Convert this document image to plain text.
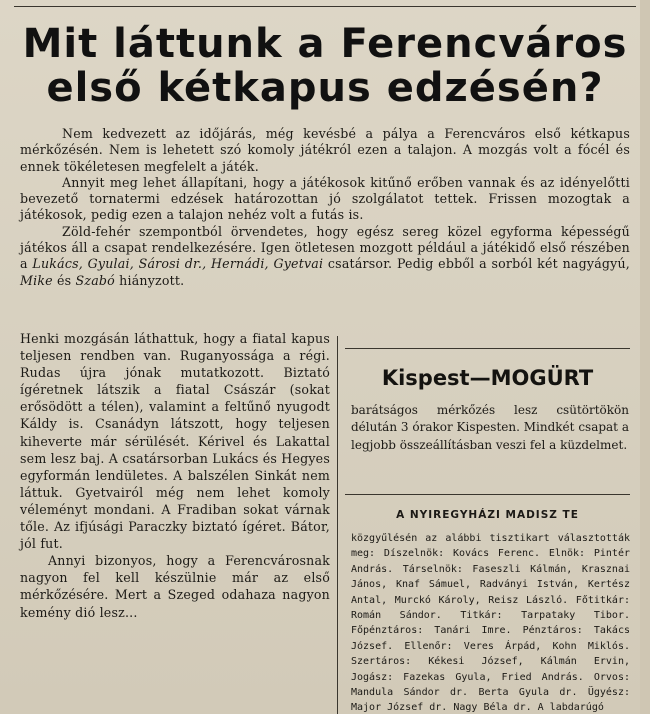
Mit láttunk a Ferencváros
első kétkapus edzésén?

Nem kedvezett az időjárás, még kevésbé a pálya a Ferencváros első kétkapus mérkőzésén. Nem is lehetett szó komoly játékról ezen a talajon. A mozgás volt a fócél és ennek tökéletesen megfelelt a játék.

Annyit meg lehet állapítani, hogy a játékosok kitűnő erőben vannak és az idényelőtti bevezető tornatermi edzések határozottan jó szolgálatot tettek. Frissen mozogtak a játékosok, pedig ezen a talajon nehéz volt a futás is.

Zöld-fehér szempontból örvendetes, hogy egész sereg közel egyforma képességű játékos áll a csapat rendelkezésére. Igen ötletesen mozgott például a játékidő első részében a Lukács, Gyulai, Sárosi dr., Hernádi, Gyetvai csatársor. Pedig ebből a sorból két nagyágyú, Mike és Szabó hiányzott.

Henki mozgásán láthattuk, hogy a fiatal kapus teljesen rendben van. Ruganyossága a régi. Rudas újra jónak mutatkozott. Biztató ígéretnek látszik a fiatal Császár (sokat erősödött a télen), valamint a feltűnő nyugodt Káldy is. Csanádyn látszott, hogy teljesen kiheverte már sérülését. Kérivel és Lakattal sem lesz baj. A csatársorban Lukács és Hegyes egyformán lendületes. A balszélen Sinkát nem láttuk. Gyetvairól még nem lehet komoly véleményt mondani. A Fradiban sokat várnak tőle. Az ifjúsági Paraczky biztató ígéret. Bátor, jól fut.

Annyi bizonyos, hogy a Ferencvárosnak nagyon fel kell készülnie már az első mérkőzésére. Mert a Szeged odahaza nagyon kemény dió lesz...

Kispest—MOGÜRT
barátságos mérkőzés lesz csütörtökön délután 3 órakor Kispesten. Mindkét csapat a legjobb összeállításban veszi fel a küzdelmet.
A NYIREGYHÁZI MADISZ TE
közgyűlésén az alábbi tisztikart választották meg: Díszelnök: Kovács Ferenc. Elnök: Pintér András. Társelnök: Faseszli Kálmán, Krasznai János, Knaf Sámuel, Radványi István, Kertész Antal, Murckó Károly, Reisz László. Főtitkár: Román Sándor. Titkár: Tarpataky Tibor. Főpénztáros: Tanári Imre. Pénztáros: Takács József. Ellenőr: Veres Árpád, Kohn Miklós. Szertáros: Kékesi József, Kálmán Ervin, Jogász: Fazekas Gyula, Fried András. Orvos: Mandula Sándor dr. Berta Gyula dr. Ügyész: Major József dr. Nagy Béla dr. A labdarúgó
